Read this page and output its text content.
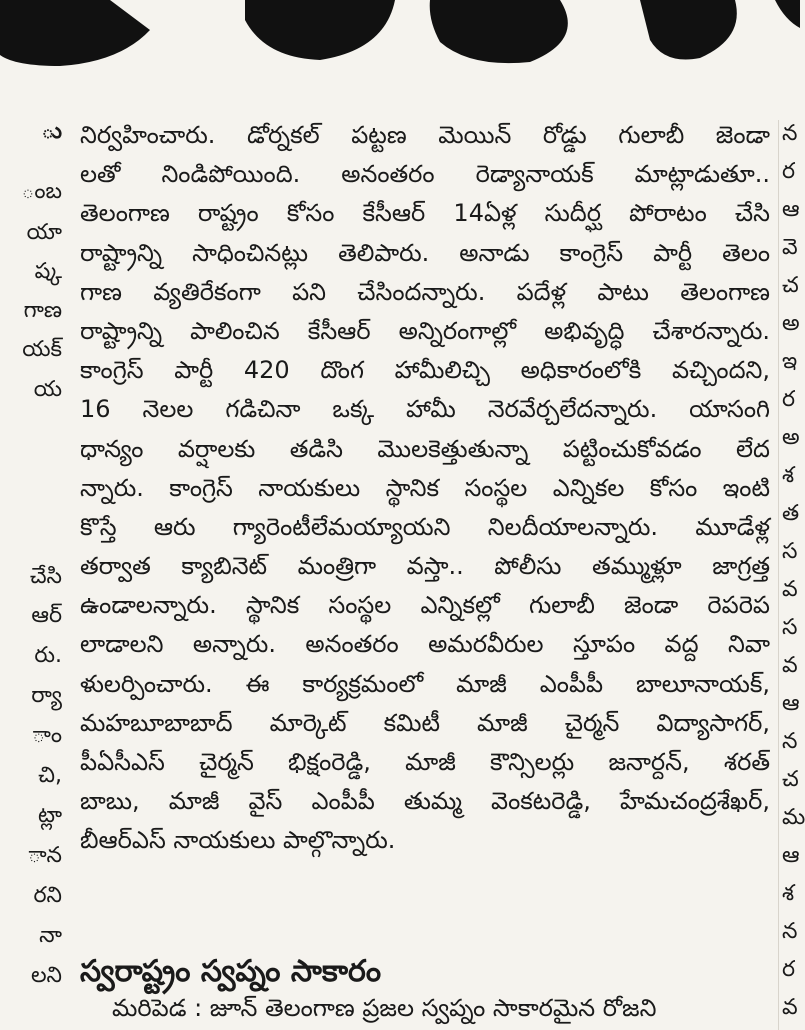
ు
ంబ
యా
ష్క
గాణ
యక్
య
చేసి
ఆర్
రు.
ర్యా
ాం
చి,
ట్లా
ాన
రని
నా
లని
న
ర
ఆ
వె
చ
అ
ఇ
ర
అ
శ
త
స
వ
స
వ
ఆ
న
చ
మ
ఆ
శ
న
ర
వ
నిర్వహించారు. డోర్నకల్ పట్టణ మెయిన్ రోడ్డు గులాబీ జెండా
లతో నిండిపోయింది. అనంతరం రెడ్యానాయక్ మాట్లాడుతూ..
తెలంగాణ రాష్ట్రం కోసం కేసీఆర్ 14ఏళ్ల సుదీర్ఘ పోరాటం చేసి
రాష్ట్రాన్ని సాధించినట్లు తెలిపారు. అనాడు కాంగ్రెస్ పార్టీ తెలం
గాణ వ్యతిరేకంగా పని చేసిందన్నారు. పదేళ్ల పాటు తెలంగాణ
రాష్ట్రాన్ని పాలించిన కేసీఆర్ అన్నిరంగాల్లో అభివృద్ధి చేశారన్నారు.
కాంగ్రెస్ పార్టీ 420 దొంగ హామీలిచ్చి అధికారంలోకి వచ్చిందని,
16 నెలల గడిచినా ఒక్క హామీ నెరవేర్చలేదన్నారు. యాసంగి
ధాన్యం వర్షాలకు తడిసి మొలకెత్తుతున్నా పట్టించుకోవడం లేద
న్నారు. కాంగ్రెస్ నాయకులు స్థానిక సంస్థల ఎన్నికల కోసం ఇంటి
కొస్తే ఆరు గ్యారెంటీలేమయ్యాయని నిలదీయాలన్నారు. మూడేళ్ల
తర్వాత క్యాబినెట్ మంత్రిగా వస్తా.. పోలీసు తమ్ముళ్లూ జాగ్రత్త
ఉండాలన్నారు. స్థానిక సంస్థల ఎన్నికల్లో గులాబీ జెండా రెపరెప
లాడాలని అన్నారు. అనంతరం అమరవీరుల స్తూపం వద్ద నివా
ళులర్పించారు. ఈ కార్యక్రమంలో మాజీ ఎంపీపీ బాలూనాయక్,
మహబూబాబాద్ మార్కెట్ కమిటీ మాజీ చైర్మన్ విద్యాసాగర్,
పీఏసీఎస్ చైర్మన్ భిక్షంరెడ్డి, మాజీ కౌన్సిలర్లు జనార్దన్, శరత్
బాబు, మాజీ వైస్ ఎంపీపీ తుమ్మ వెంకటరెడ్డి, హేమచంద్రశేఖర్,
బీఆర్ఎస్ నాయకులు పాల్గొన్నారు.
స్వరాష్ట్రం స్వప్నం సాకారం
మరిపెడ : జూన్ తెలంగాణ ప్రజల స్వప్నం సాకారమైన రోజని
